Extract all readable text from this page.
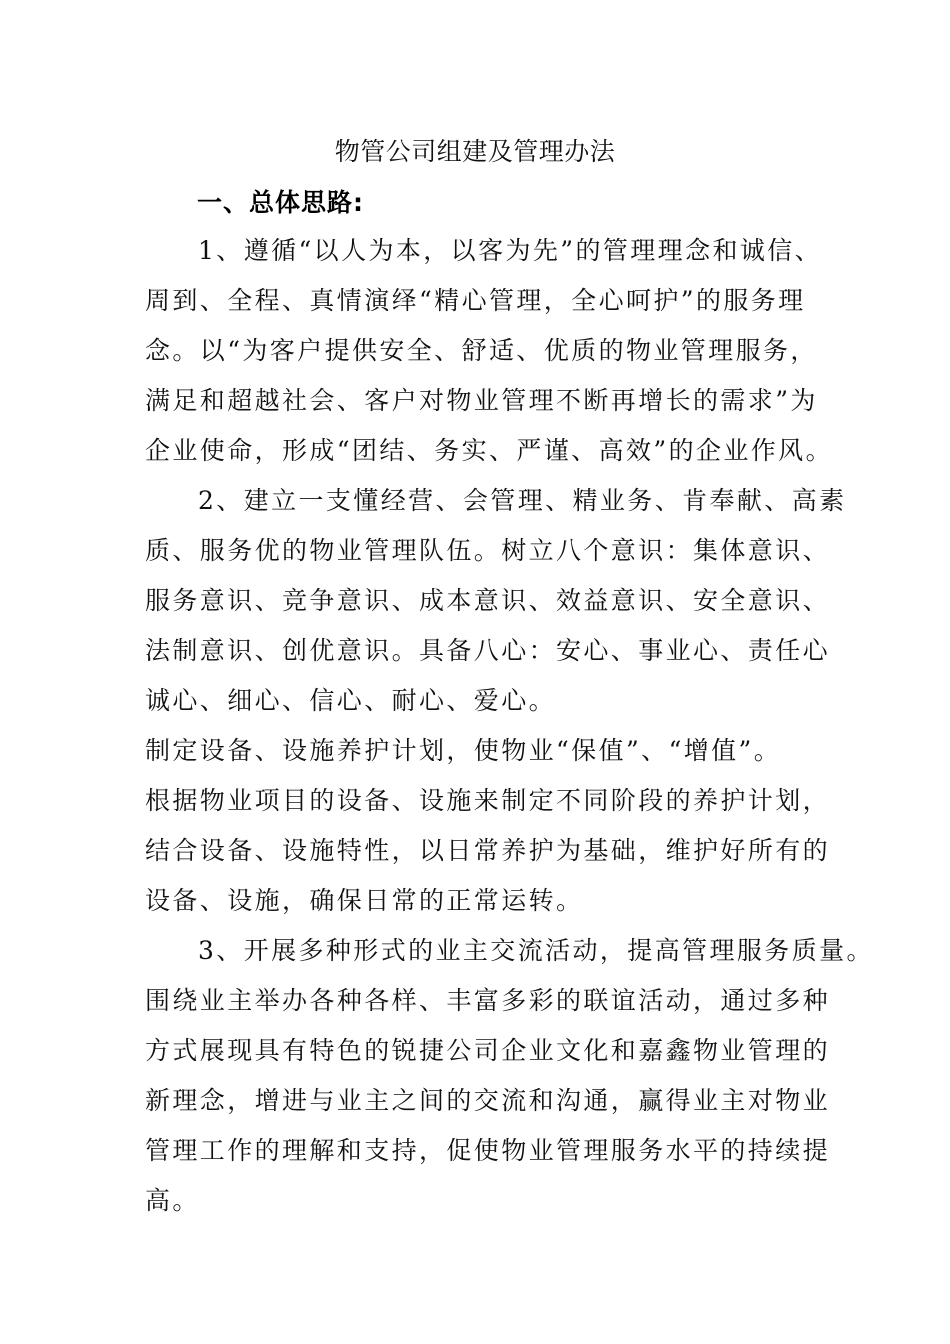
物管公司组建及管理办法
一、总体思路:
1、遵循“以人为本，以客为先”的管理理念和诚信、
周到、全程、真情演绎“精心管理，全心呵护”的服务理
念。以“为客户提供安全、舒适、优质的物业管理服务，
满足和超越社会、客户对物业管理不断再增长的需求”为
企业使命，形成“团结、务实、严谨、高效”的企业作风。
2、建立一支懂经营、会管理、精业务、肯奉献、高素
质、服务优的物业管理队伍。树立八个意识：集体意识、
服务意识、竞争意识、成本意识、效益意识、安全意识、
法制意识、创优意识。具备八心：安心、事业心、责任心
诚心、细心、信心、耐心、爱心。
制定设备、设施养护计划，使物业“保值”、“增值”。
根据物业项目的设备、设施来制定不同阶段的养护计划，
结合设备、设施特性，以日常养护为基础，维护好所有的
设备、设施，确保日常的正常运转。
3、开展多种形式的业主交流活动，提高管理服务质量。
围绕业主举办各种各样、丰富多彩的联谊活动，通过多种
方式展现具有特色的锐捷公司企业文化和嘉鑫物业管理的
新理念，增进与业主之间的交流和沟通，赢得业主对物业
管理工作的理解和支持，促使物业管理服务水平的持续提
高。
